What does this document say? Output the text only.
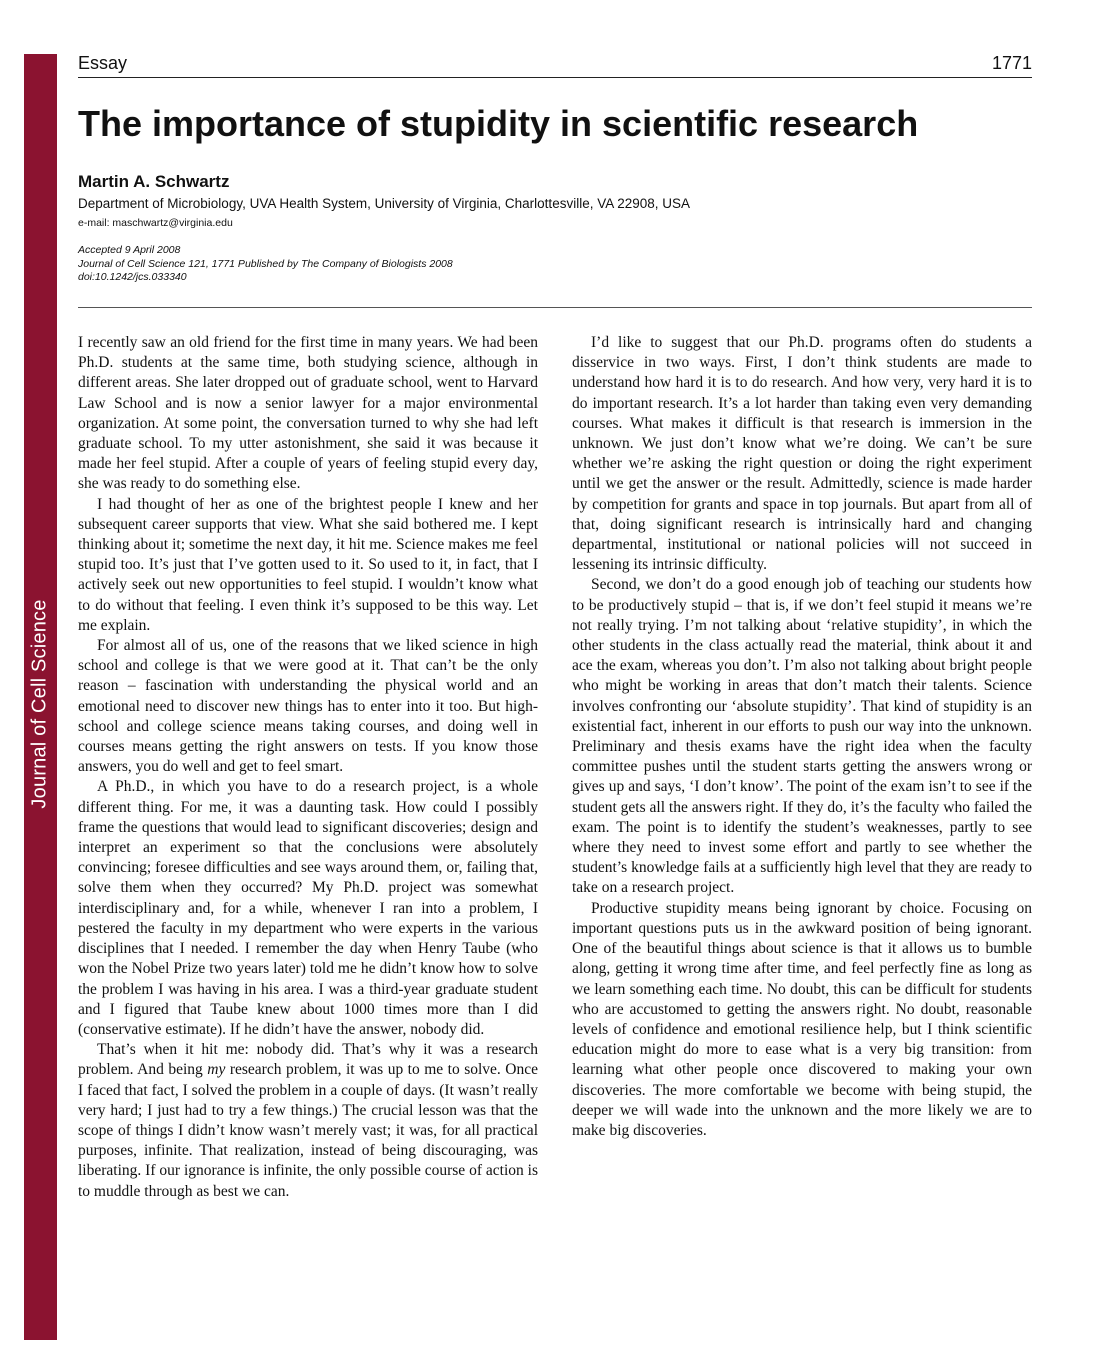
Journal of Cell Science
Essay	1771
The importance of stupidity in scientific research
Martin A. Schwartz
Department of Microbiology, UVA Health System, University of Virginia, Charlottesville, VA 22908, USA
e-mail: maschwartz@virginia.edu
Accepted 9 April 2008
Journal of Cell Science 121, 1771 Published by The Company of Biologists 2008
doi:10.1242/jcs.033340

I recently saw an old friend for the first time in many years. We had been Ph.D. students at the same time, both studying science, although in different areas. She later dropped out of graduate school, went to Harvard Law School and is now a senior lawyer for a major environmental organization. At some point, the conversation turned to why she had left graduate school. To my utter astonishment, she said it was because it made her feel stupid. After a couple of years of feeling stupid every day, she was ready to do something else.

I had thought of her as one of the brightest people I knew and her subsequent career supports that view. What she said bothered me. I kept thinking about it; sometime the next day, it hit me. Science makes me feel stupid too. It’s just that I’ve gotten used to it. So used to it, in fact, that I actively seek out new opportunities to feel stupid. I wouldn’t know what to do without that feeling. I even think it’s supposed to be this way. Let me explain.

For almost all of us, one of the reasons that we liked science in high school and college is that we were good at it. That can’t be the only reason – fascination with understanding the physical world and an emotional need to discover new things has to enter into it too. But high-school and college science means taking courses, and doing well in courses means getting the right answers on tests. If you know those answers, you do well and get to feel smart.

A Ph.D., in which you have to do a research project, is a whole different thing. For me, it was a daunting task. How could I possibly frame the questions that would lead to significant discoveries; design and interpret an experiment so that the conclusions were absolutely convincing; foresee difficulties and see ways around them, or, failing that, solve them when they occurred? My Ph.D. project was somewhat interdisciplinary and, for a while, whenever I ran into a problem, I pestered the faculty in my department who were experts in the various disciplines that I needed. I remember the day when Henry Taube (who won the Nobel Prize two years later) told me he didn’t know how to solve the problem I was having in his area. I was a third-year graduate student and I figured that Taube knew about 1000 times more than I did (conservative estimate). If he didn’t have the answer, nobody did.

That’s when it hit me: nobody did. That’s why it was a research problem. And being my research problem, it was up to me to solve. Once I faced that fact, I solved the problem in a couple of days. (It wasn’t really very hard; I just had to try a few things.) The crucial lesson was that the scope of things I didn’t know wasn’t merely vast; it was, for all practical purposes, infinite. That realization, instead of being discouraging, was liberating. If our ignorance is infinite, the only possible course of action is to muddle through as best we can.

I’d like to suggest that our Ph.D. programs often do students a disservice in two ways. First, I don’t think students are made to understand how hard it is to do research. And how very, very hard it is to do important research. It’s a lot harder than taking even very demanding courses. What makes it difficult is that research is immersion in the unknown. We just don’t know what we’re doing. We can’t be sure whether we’re asking the right question or doing the right experiment until we get the answer or the result. Admittedly, science is made harder by competition for grants and space in top journals. But apart from all of that, doing significant research is intrinsically hard and changing departmental, institutional or national policies will not succeed in lessening its intrinsic difficulty.

Second, we don’t do a good enough job of teaching our students how to be productively stupid – that is, if we don’t feel stupid it means we’re not really trying. I’m not talking about ‘relative stupidity’, in which the other students in the class actually read the material, think about it and ace the exam, whereas you don’t. I’m also not talking about bright people who might be working in areas that don’t match their talents. Science involves confronting our ‘absolute stupidity’. That kind of stupidity is an existential fact, inherent in our efforts to push our way into the unknown. Preliminary and thesis exams have the right idea when the faculty committee pushes until the student starts getting the answers wrong or gives up and says, ‘I don’t know’. The point of the exam isn’t to see if the student gets all the answers right. If they do, it’s the faculty who failed the exam. The point is to identify the student’s weaknesses, partly to see where they need to invest some effort and partly to see whether the student’s knowledge fails at a sufficiently high level that they are ready to take on a research project.

Productive stupidity means being ignorant by choice. Focusing on important questions puts us in the awkward position of being ignorant. One of the beautiful things about science is that it allows us to bumble along, getting it wrong time after time, and feel perfectly fine as long as we learn something each time. No doubt, this can be difficult for students who are accustomed to getting the answers right. No doubt, reasonable levels of confidence and emotional resilience help, but I think scientific education might do more to ease what is a very big transition: from learning what other people once discovered to making your own discoveries. The more comfortable we become with being stupid, the deeper we will wade into the unknown and the more likely we are to make big discoveries.
